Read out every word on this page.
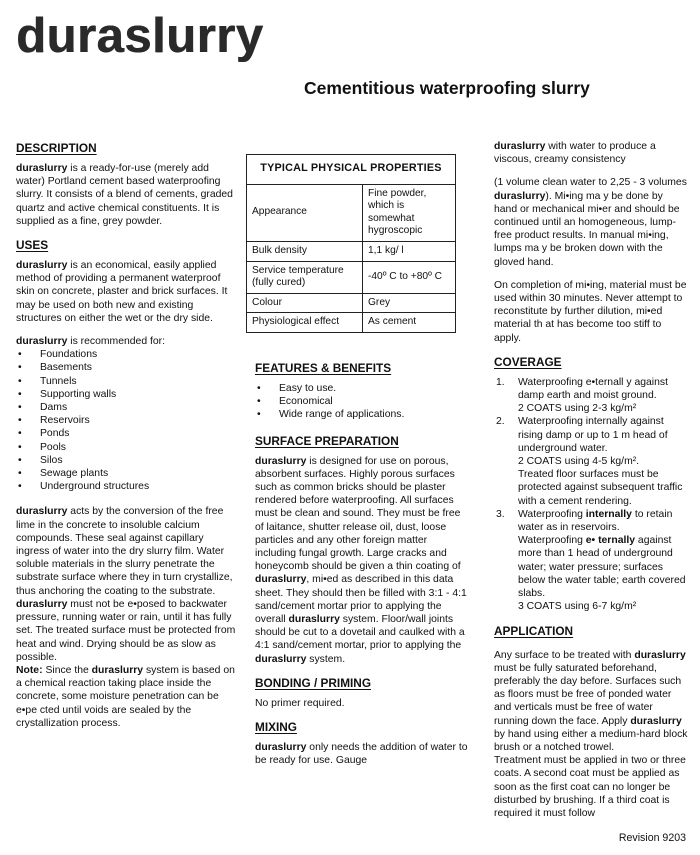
duraslurry
Cementitious waterproofing slurry
DESCRIPTION

duraslurry is a ready-for-use (merely add water) Portland cement based waterproofing slurry. It consists of a blend of cements, graded quartz and active chemical constituents. It is supplied as a fine, grey powder.

USES

duraslurry is an economical, easily applied method of providing a permanent waterproof skin on concrete, plaster and brick surfaces. It may be used on both new and existing structures on either the wet or the dry side.

duraslurry is recommended for:

• Foundations
• Basements
• Tunnels
• Supporting walls
• Dams
• Reservoirs
• Ponds
• Pools
• Silos
• Sewage plants
• Underground structures

duraslurry acts by the conversion of the free lime in the concrete to insoluble calcium compounds. These seal against capillary ingress of water into the dry slurry film. Water soluble materials in the slurry penetrate the substrate surface where they in turn crystallize, thus anchoring the coating to the substrate. duraslurry must not be e•posed to backwater pressure, running water or rain, until it has fully set. The treated surface must be protected from heat and wind. Drying should be as slow as possible.
Note: Since the duraslurry system is based on a chemical reaction taking place inside the concrete, some moisture penetration can be e•pe cted until voids are sealed by the crystallization process.

TYPICAL PHYSICAL PROPERTIES	
Appearance	Fine powder, which is somewhat hygroscopic
Bulk density	1,1 kg/ l
Service temperature (fully cured)	-40º C to +80º C
Colour	Grey
Physiological effect	As cement
FEATURES & BENEFITS
• Easy to use.
• Economical
• Wide range of applications.
SURFACE PREPARATION

duraslurry is designed for use on porous, absorbent surfaces. Highly porous surfaces such as common bricks should be plaster rendered before waterproofing. All surfaces must be clean and sound. They must be free of laitance, shutter release oil, dust, loose particles and any other foreign matter including fungal growth. Large cracks and honeycomb should be given a thin coating of duraslurry, mi•ed as described in this data sheet. They should then be filled with 3:1 - 4:1 sand/cement mortar prior to applying the overall duraslurry system. Floor/wall joints should be cut to a dovetail and caulked with a 4:1 sand/cement mortar, prior to applying the duraslurry system.

BONDING / PRIMING

No primer required.

MIXING

duraslurry only needs the addition of water to be ready for use. Gauge

duraslurry with water to produce a viscous, creamy consistency

(1 volume clean water to 2,25 - 3 volumes duraslurry). Mi•ing ma y be done by hand or mechanical mi•er and should be continued until an homogeneous, lump-free product results. In manual mi•ing, lumps ma y be broken down with the gloved hand.

On completion of mi•ing, material must be used within 30 minutes. Never attempt to reconstitute by further dilution, mi•ed material th at has become too stiff to apply.

COVERAGE
1. Waterproofing e•ternall y against damp earth and moist ground.
2 COATS using 2-3 kg/m²
2. Waterproofing internally against rising damp or up to 1 m head of underground water.
2 COATS using 4-5 kg/m².
Treated floor surfaces must be protected against subsequent traffic with a cement rendering.
3. Waterproofing internally to retain water as in reservoirs.
Waterproofing e• ternally against more than 1 head of underground water; water pressure; surfaces below the water table; earth covered slabs.
3 COATS using 6-7 kg/m²
APPLICATION

Any surface to be treated with duraslurry must be fully saturated beforehand, preferably the day before. Surfaces such as floors must be free of ponded water and verticals must be free of water running down the face. Apply duraslurry by hand using either a medium-hard block brush or a notched trowel.
Treatment must be applied in two or three coats. A second coat must be applied as soon as the first coat can no longer be disturbed by brushing. If a third coat is required it must follow

Revision 9203
